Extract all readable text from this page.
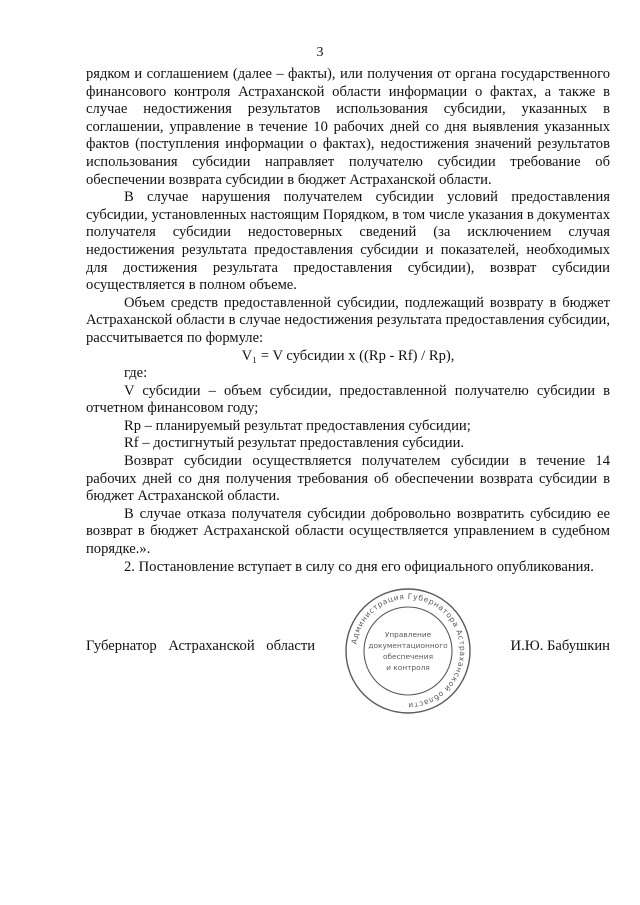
3

рядком и соглашением (далее – факты), или получения от органа государственного финансового контроля Астраханской области информации о фактах, а также в случае недостижения результатов использования субсидии, указанных в соглашении, управление в течение 10 рабочих дней со дня выявления указанных фактов (поступления информации о фактах), недостижения значений результатов использования субсидии направляет получателю субсидии требование об обеспечении возврата субсидии в бюджет Астраханской области.

В случае нарушения получателем субсидии условий предоставления субсидии, установленных настоящим Порядком, в том числе указания в документах получателя субсидии недостоверных сведений (за исключением случая недостижения результата предоставления субсидии и показателей, необходимых для достижения результата предоставления субсидии), возврат субсидии осуществляется в полном объеме.

Объем средств предоставленной субсидии, подлежащий возврату в бюджет Астраханской области в случае недостижения результата предоставления субсидии, рассчитывается по формуле:

V₁ = V субсидии x ((Rp - Rf) / Rp),

где:

V субсидии – объем субсидии, предоставленной получателю субсидии в отчетном финансовом году;

Rp – планируемый результат предоставления субсидии;

Rf – достигнутый результат предоставления субсидии.

Возврат субсидии осуществляется получателем субсидии в течение 14 рабочих дней со дня получения требования об обеспечении возврата субсидии в бюджет Астраханской области.

В случае отказа получателя субсидии добровольно возвратить субсидию ее возврат в бюджет Астраханской области осуществляется управлением в судебном порядке.».

2. Постановление вступает в силу со дня его официального опубликования.

Администрация Губернатора Астраханской области
Управление
документационного
обеспечения
и контроля
Губернатор Астраханской области	И.Ю. Бабушкин
